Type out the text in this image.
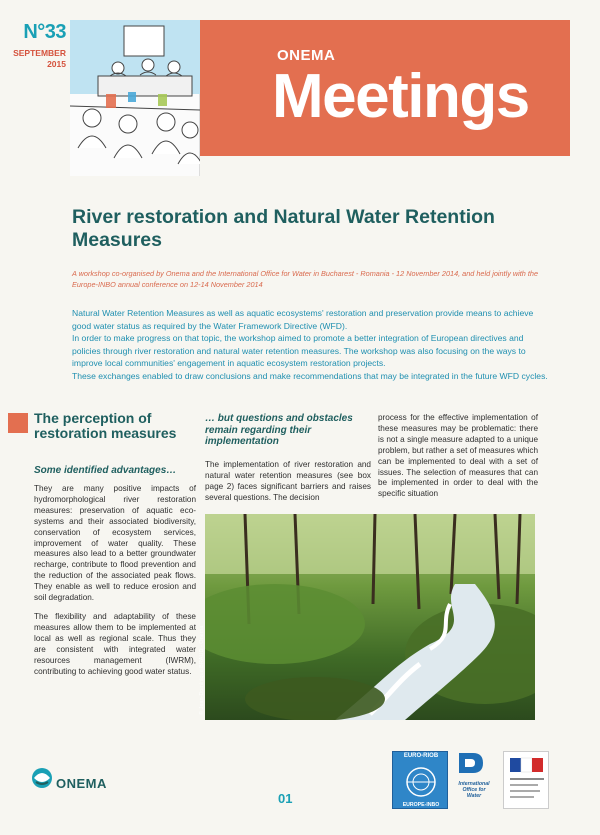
N°33
SEPTEMBER
2015	ONEMA
Meetings
River restoration and Natural Water Retention Measures
A workshop co-organised by Onema and the International Office for Water in Bucharest - Romania - 12 November 2014, and held jointly with the Europe-INBO annual conference on 12-14 November 2014

Natural Water Retention Measures as well as aquatic ecosystems' restoration and preservation provide means to achieve good water status as required by the Water Framework Directive (WFD).

In order to make progress on that topic, the workshop aimed to promote a better integration of European directives and policies through river restoration and natural water retention measures. The workshop was also focusing on the ways to improve local communities' engagement in aquatic ecosystem restoration projects.

These exchanges enabled to draw conclusions and make recommendations that may be integrated in the future WFD cycles.

The perception of restoration measures
Some identified advantages…

They are many positive impacts of hydromorphological river restoration measures: preservation of aquatic eco-systems and their associated biodiversity, conservation of ecosystem services, improvement of water quality. These measures also lead to a better groundwater recharge, contribute to flood prevention and the reduction of the associated peak flows. They enable as well to reduce erosion and soil degradation.

The flexibility and adaptability of these measures allow them to be implemented at local as well as regional scale. Thus they are consistent with integrated water resources management (IWRM), contributing to achieving good water status.

… but questions and obstacles remain regarding their implementation
The implementation of river restoration and natural water retention measures (see box page 2) faces significant barriers and raises several questions. The decision
process for the effective implementation of these measures may be problematic: there is not a single measure adapted to a unique problem, but rather a set of measures which can be implemented to deal with a set of issues. The selection of measures that can be implemented in order to deal with the specific situation
© Jean-Dominique BRAUD - Onema
ONEMA
01
EURO-RIOB
EUROPE-INBO
International Office for Water
